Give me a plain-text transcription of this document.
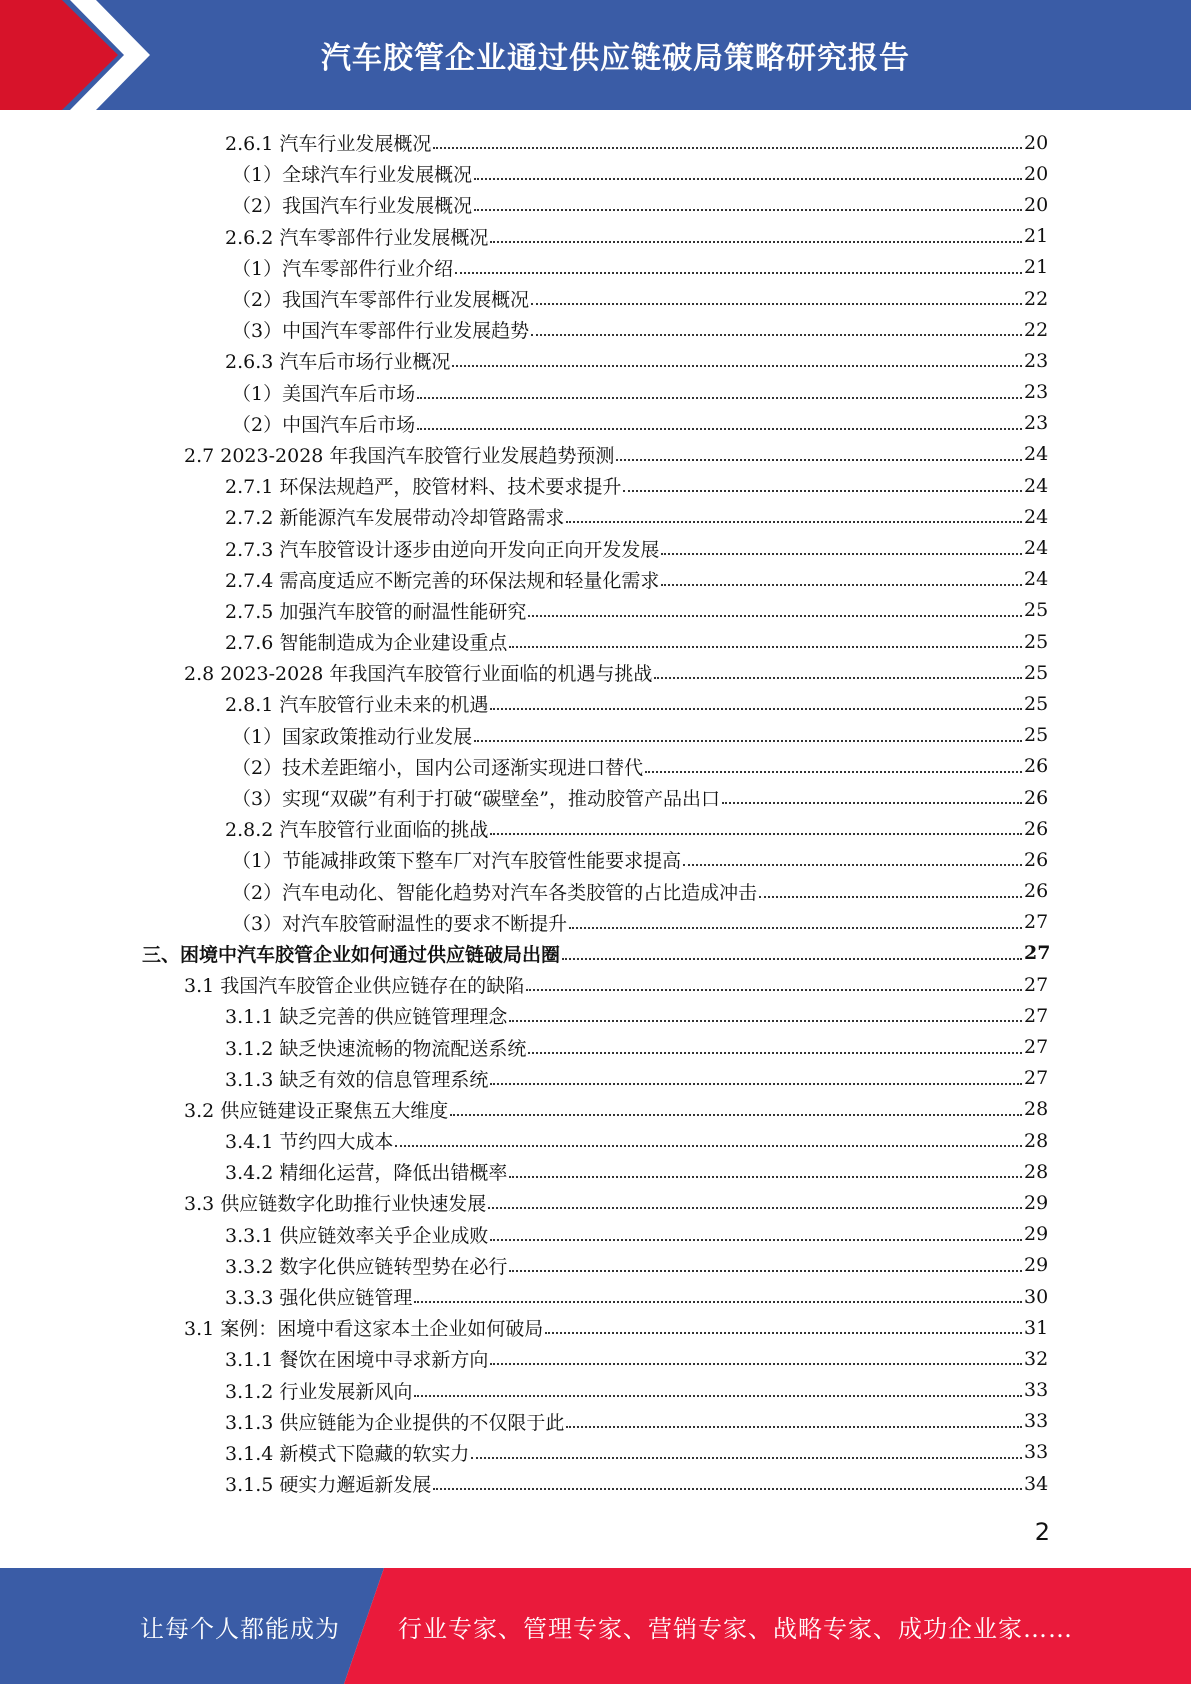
汽车胶管企业通过供应链破局策略研究报告
2.6.1 汽车行业发展概况	20
（1）全球汽车行业发展概况	20
（2）我国汽车行业发展概况	20
2.6.2 汽车零部件行业发展概况	21
（1）汽车零部件行业介绍	21
（2）我国汽车零部件行业发展概况	22
（3）中国汽车零部件行业发展趋势	22
2.6.3 汽车后市场行业概况	23
（1）美国汽车后市场	23
（2）中国汽车后市场	23
2.7 2023-2028 年我国汽车胶管行业发展趋势预测	24
2.7.1 环保法规趋严，胶管材料、技术要求提升	24
2.7.2 新能源汽车发展带动冷却管路需求	24
2.7.3 汽车胶管设计逐步由逆向开发向正向开发发展	24
2.7.4 需高度适应不断完善的环保法规和轻量化需求	24
2.7.5 加强汽车胶管的耐温性能研究	25
2.7.6 智能制造成为企业建设重点	25
2.8 2023-2028 年我国汽车胶管行业面临的机遇与挑战	25
2.8.1 汽车胶管行业未来的机遇	25
（1）国家政策推动行业发展	25
（2）技术差距缩小，国内公司逐渐实现进口替代	26
（3）实现“双碳”有利于打破“碳壁垒”，推动胶管产品出口	26
2.8.2 汽车胶管行业面临的挑战	26
（1）节能减排政策下整车厂对汽车胶管性能要求提高	26
（2）汽车电动化、智能化趋势对汽车各类胶管的占比造成冲击	26
（3）对汽车胶管耐温性的要求不断提升	27
三、困境中汽车胶管企业如何通过供应链破局出圈	27
3.1 我国汽车胶管企业供应链存在的缺陷	27
3.1.1 缺乏完善的供应链管理理念	27
3.1.2 缺乏快速流畅的物流配送系统	27
3.1.3 缺乏有效的信息管理系统	27
3.2 供应链建设正聚焦五大维度	28
3.4.1 节约四大成本	28
3.4.2 精细化运营，降低出错概率	28
3.3 供应链数字化助推行业快速发展	29
3.3.1 供应链效率关乎企业成败	29
3.3.2 数字化供应链转型势在必行	29
3.3.3 强化供应链管理	30
3.1 案例：困境中看这家本土企业如何破局	31
3.1.1 餐饮在困境中寻求新方向	32
3.1.2 行业发展新风向	33
3.1.3 供应链能为企业提供的不仅限于此	33
3.1.4 新模式下隐藏的软实力	33
3.1.5 硬实力邂逅新发展	34
2
让每个人都能成为 行业专家、管理专家、营销专家、战略专家、成功企业家……
